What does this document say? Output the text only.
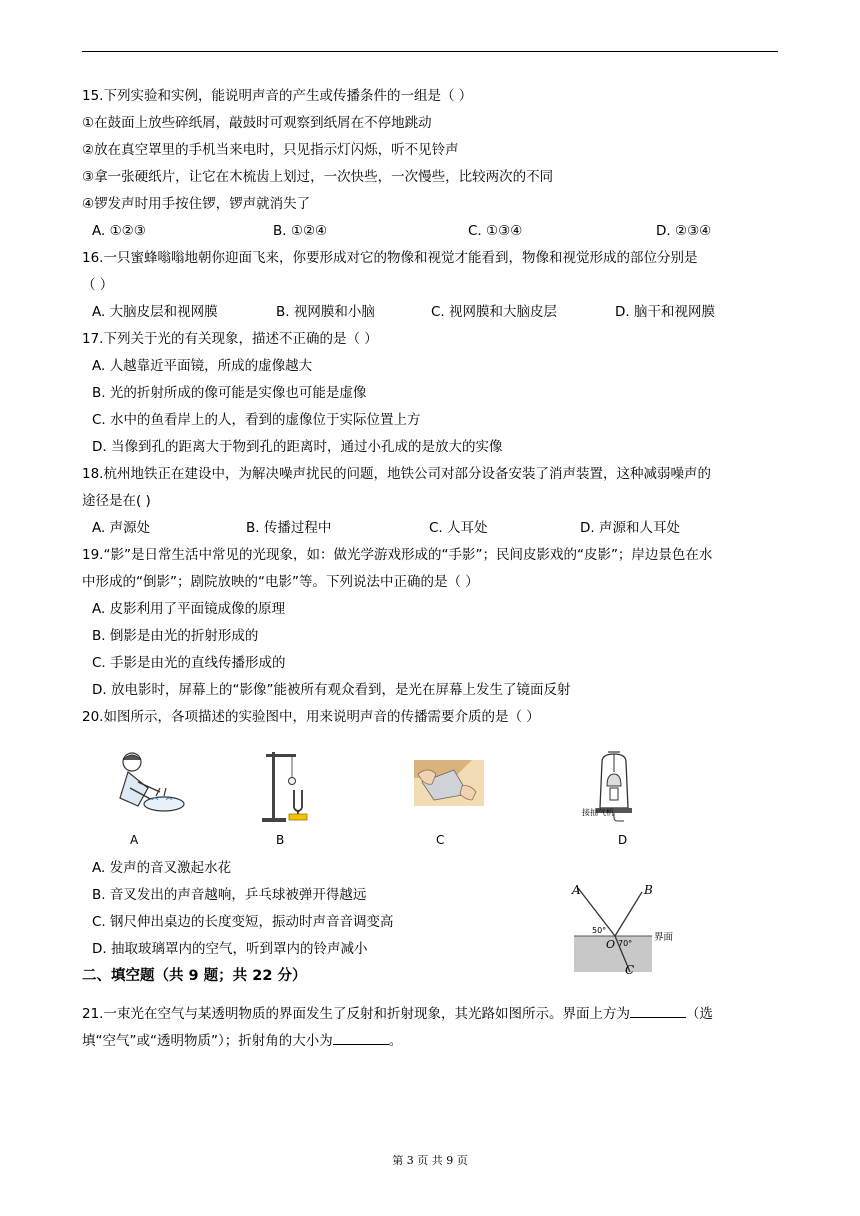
15.下列实验和实例，能说明声音的产生或传播条件的一组是（ ）
①在鼓面上放些碎纸屑，敲鼓时可观察到纸屑在不停地跳动
②放在真空罩里的手机当来电时，只见指示灯闪烁，听不见铃声
③拿一张硬纸片，让它在木梳齿上划过，一次快些，一次慢些，比较两次的不同
④锣发声时用手按住锣，锣声就消失了
A. ①②③	B. ①②④	C. ①③④	D. ②③④
16.一只蜜蜂嗡嗡地朝你迎面飞来，你要形成对它的物像和视觉才能看到，物像和视觉形成的部位分别是
（ ）
A. 大脑皮层和视网膜	B. 视网膜和小脑	C. 视网膜和大脑皮层	D. 脑干和视网膜
17.下列关于光的有关现象，描述不正确的是（ ）
A. 人越靠近平面镜，所成的虚像越大
B. 光的折射所成的像可能是实像也可能是虚像
C. 水中的鱼看岸上的人，看到的虚像位于实际位置上方
D. 当像到孔的距离大于物到孔的距离时，通过小孔成的是放大的实像
18.杭州地铁正在建设中，为解决噪声扰民的问题，地铁公司对部分设备安装了消声装置，这种减弱噪声的
途径是在( )
A. 声源处	B. 传播过程中	C. 人耳处	D. 声源和人耳处
19.“影”是日常生活中常见的光现象，如：做光学游戏形成的“手影”；民间皮影戏的“皮影”；岸边景色在水
中形成的“倒影”；剧院放映的“电影”等。下列说法中正确的是（ ）
A. 皮影利用了平面镜成像的原理
B. 倒影是由光的折射形成的
C. 手影是由光的直线传播形成的
D. 放电影时，屏幕上的“影像”能被所有观众看到，是光在屏幕上发生了镜面反射
20.如图所示，各项描述的实验图中，用来说明声音的传播需要介质的是（ ）
A	B	C
接抽气机
D
A. 发声的音叉激起水花
B. 音叉发出的声音越响，乒乓球被弹开得越远
C. 钢尺伸出桌边的长度变短，振动时声音音调变高
D. 抽取玻璃罩内的空气，听到罩内的铃声减小
A	B
C
O
50°
70°
界面
二、填空题（共 9 题；共 22 分）
21.一束光在空气与某透明物质的界面发生了反射和折射现象，其光路如图所示。界面上方为	（选
填“空气”或“透明物质”）；折射角的大小为	。
第 3 页 共 9 页
